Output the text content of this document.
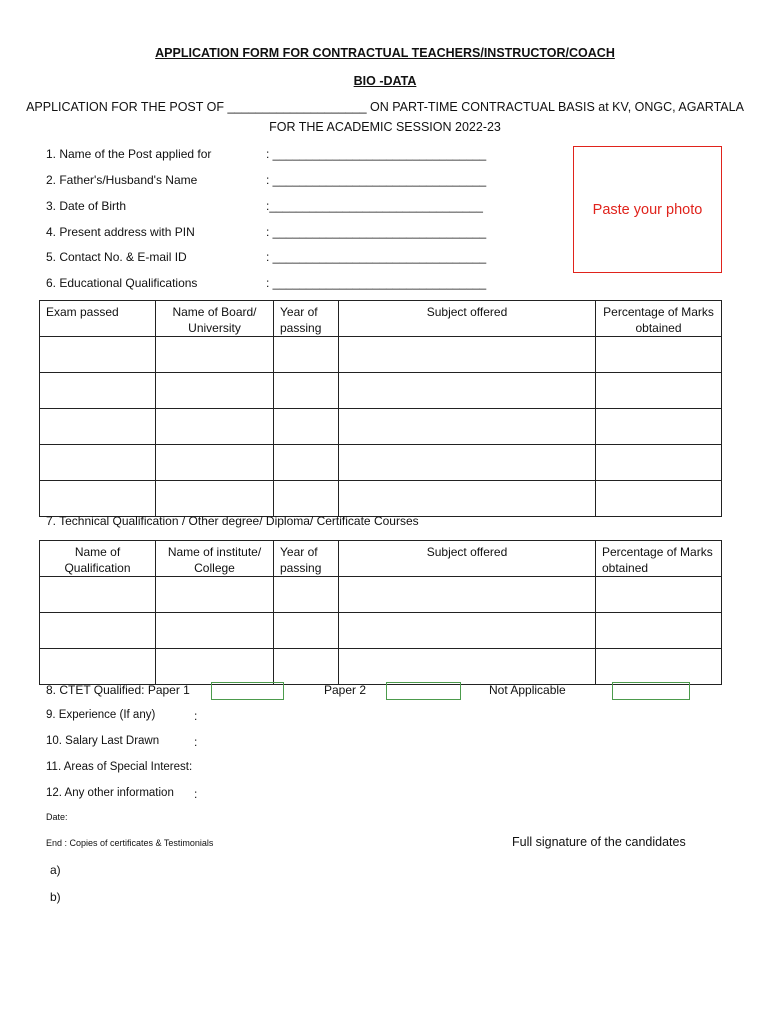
APPLICATION FORM FOR CONTRACTUAL TEACHERS/INSTRUCTOR/COACH
BIO -DATA
APPLICATION FOR THE POST OF ____________________ ON PART-TIME CONTRACTUAL BASIS at KV, ONGC, AGARTALA
FOR THE ACADEMIC SESSION 2022-23
1. Name of the Post applied for	: ________________________________
2. Father's/Husband's Name	: ________________________________
3. Date of Birth	:________________________________
4. Present address with PIN	: ________________________________
5. Contact No. & E-mail ID	: ________________________________
6. Educational Qualifications	: ________________________________
Paste your photo
Exam passed	Name of Board/ University	Year of passing	Subject offered	Percentage of Marks obtained

7. Technical Qualification / Other degree/ Diploma/ Certificate Courses
Name of Qualification	Name of institute/ College	Year of passing	Subject offered	Percentage of Marks obtained

8. CTET Qualified: Paper 1	Paper 2	Not Applicable
9. Experience (If any)	:
10. Salary Last Drawn	:
11. Areas of Special Interest:
12. Any other information :
Date:
End : Copies of certificates & Testimonials	Full signature of the candidates
a)
b)
